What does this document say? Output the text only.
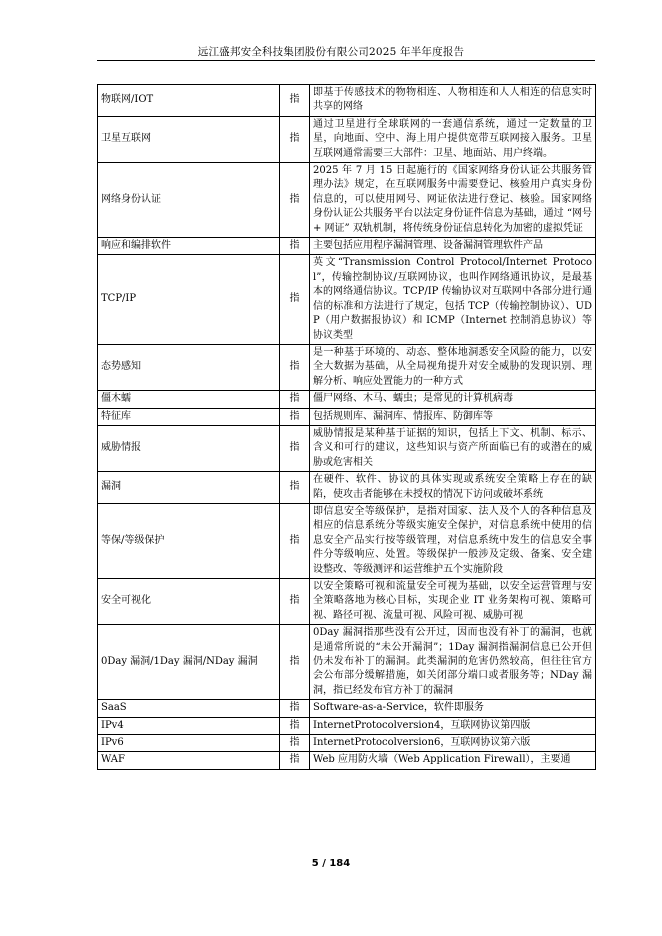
远江盛邦安全科技集团股份有限公司2025 年半年度报告
物联网/IOT	指	即基于传感技术的物物相连、人物相连和人人相连的信息实时共享的网络
卫星互联网	指	通过卫星进行全球联网的一套通信系统，通过一定数量的卫星，向地面、空中、海上用户提供宽带互联网接入服务。卫星互联网通常需要三大部件：卫星、地面站、用户终端。
网络身份认证	指	2025 年 7 月 15 日起施行的《国家网络身份认证公共服务管理办法》规定，在互联网服务中需要登记、核验用户真实身份信息的，可以使用网号、网证依法进行登记、核验。国家网络身份认证公共服务平台以法定身份证件信息为基础，通过 “网号 + 网证” 双轨机制，将传统身份证信息转化为加密的虚拟凭证
响应和编排软件	指	主要包括应用程序漏洞管理、设备漏洞管理软件产品
TCP/IP	指	英文“Transmission Control Protocol/Internet Protocol”，传输控制协议/互联网协议，也叫作网络通讯协议，是最基本的网络通信协议。TCP/IP 传输协议对互联网中各部分进行通信的标准和方法进行了规定，包括 TCP（传输控制协议）、UDP（用户数据报协议）和 ICMP（Internet 控制消息协议）等协议类型
态势感知	指	是一种基于环境的、动态、整体地洞悉安全风险的能力，以安全大数据为基础，从全局视角提升对安全威胁的发现识别、理解分析、响应处置能力的一种方式
僵木蠕	指	僵尸网络、木马、蠕虫；是常见的计算机病毒
特征库	指	包括规则库、漏洞库、情报库、防御库等
威胁情报	指	威胁情报是某种基于证据的知识，包括上下文、机制、标示、含义和可行的建议，这些知识与资产所面临已有的或潜在的威胁或危害相关
漏洞	指	在硬件、软件、协议的具体实现或系统安全策略上存在的缺陷，使攻击者能够在未授权的情况下访问或破坏系统
等保/等级保护	指	即信息安全等级保护，是指对国家、法人及个人的各种信息及相应的信息系统分等级实施安全保护，对信息系统中使用的信息安全产品实行按等级管理，对信息系统中发生的信息安全事件分等级响应、处置。等级保护一般涉及定级、备案、安全建设整改、等级测评和运营维护五个实施阶段
安全可视化	指	以安全策略可视和流量安全可视为基础，以安全运营管理与安全策略落地为核心目标，实现企业 IT 业务架构可视、策略可视、路径可视、流量可视、风险可视、威胁可视
0Day 漏洞/1Day 漏洞/NDay 漏洞	指	0Day 漏洞指那些没有公开过，因而也没有补丁的漏洞，也就是通常所说的“未公开漏洞”；1Day 漏洞指漏洞信息已公开但仍未发布补丁的漏洞。此类漏洞的危害仍然较高，但往往官方会公布部分缓解措施，如关闭部分端口或者服务等；NDay 漏洞，指已经发布官方补丁的漏洞
SaaS	指	Software-as-a-Service，软件即服务
IPv4	指	InternetProtocolversion4，互联网协议第四版
IPv6	指	InternetProtocolversion6，互联网协议第六版
WAF	指	Web 应用防火墙（Web Application Firewall），主要通
5 / 184
